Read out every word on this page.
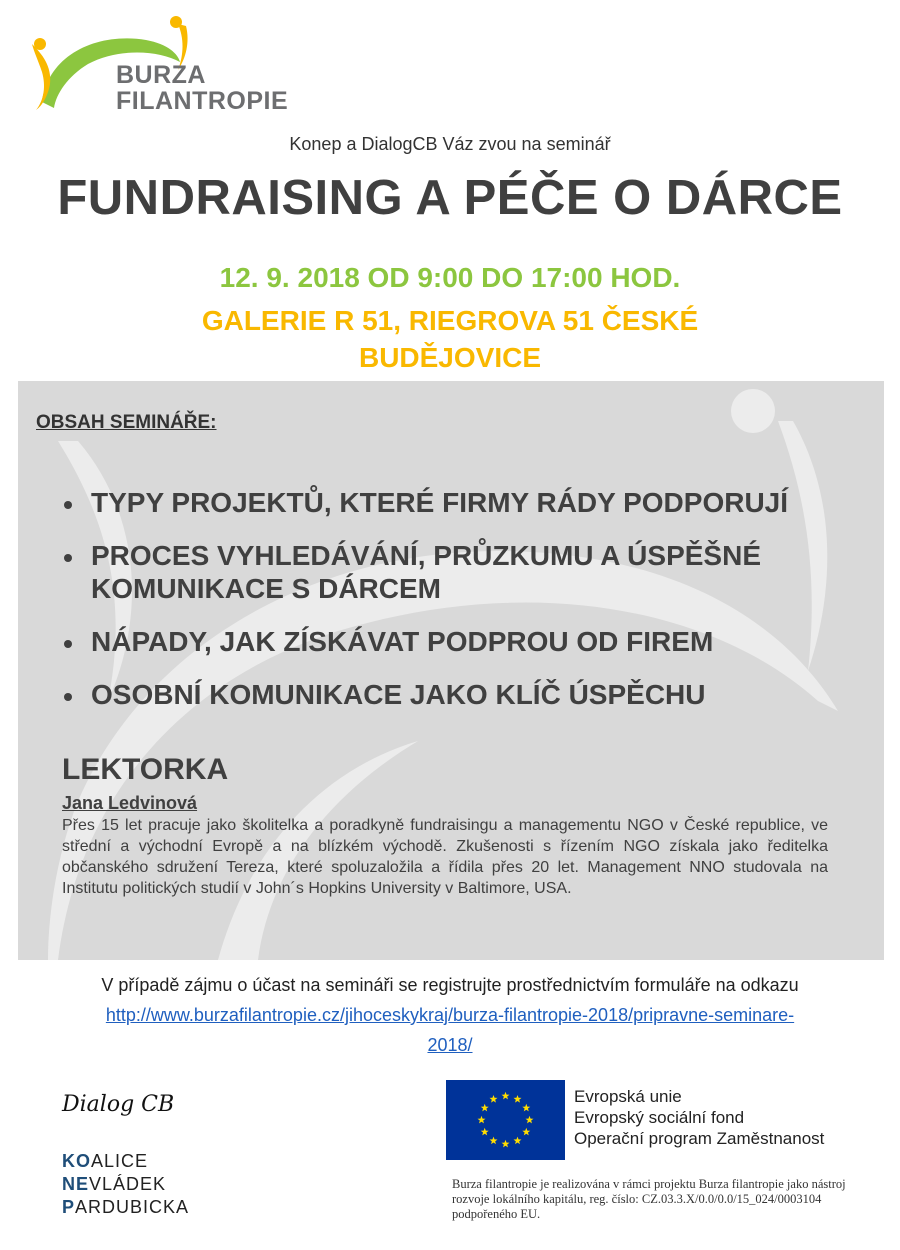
BURZA
FILANTROPIE
Konep a DialogCB Váz zvou na seminář
FUNDRAISING A PÉČE O DÁRCE
12. 9. 2018 OD 9:00 DO 17:00 HOD.
GALERIE R 51, RIEGROVA 51 ČESKÉ BUDĚJOVICE
OBSAH SEMINÁŘE:
TYPY PROJEKTŮ, KTERÉ FIRMY RÁDY PODPORUJÍ
PROCES VYHLEDÁVÁNÍ, PRŮZKUMU A ÚSPĚŠNÉ KOMUNIKACE S DÁRCEM
NÁPADY, JAK ZÍSKÁVAT PODPROU OD FIREM
OSOBNÍ KOMUNIKACE JAKO KLÍČ ÚSPĚCHU
LEKTORKA
Jana Ledvinová
Přes 15 let pracuje jako školitelka a poradkyně fundraisingu a managementu NGO v České republice, ve střední a východní Evropě a na blízkém východě. Zkušenosti s řízením NGO získala jako ředitelka občanského sdružení Tereza, které spoluzaložila a řídila přes 20 let. Management NNO studovala na Institutu politických studií v John´s Hopkins University v Baltimore, USA.
V případě zájmu o účast na semináři se registrujte prostřednictvím formuláře na odkazu http://www.burzafilantropie.cz/jihoceskykraj/burza-filantropie-2018/pripravne-seminare-2018/
Dialog CB
KOALICE
NEVLÁDEK
PARDUBICKA
Evropská unie
Evropský sociální fond
Operační program Zaměstnanost
Burza filantropie je realizována v rámci projektu Burza filantropie jako nástroj rozvoje lokálního kapitálu, reg. číslo: CZ.03.3.X/0.0/0.0/15_024/0003104 podpořeného EU.
